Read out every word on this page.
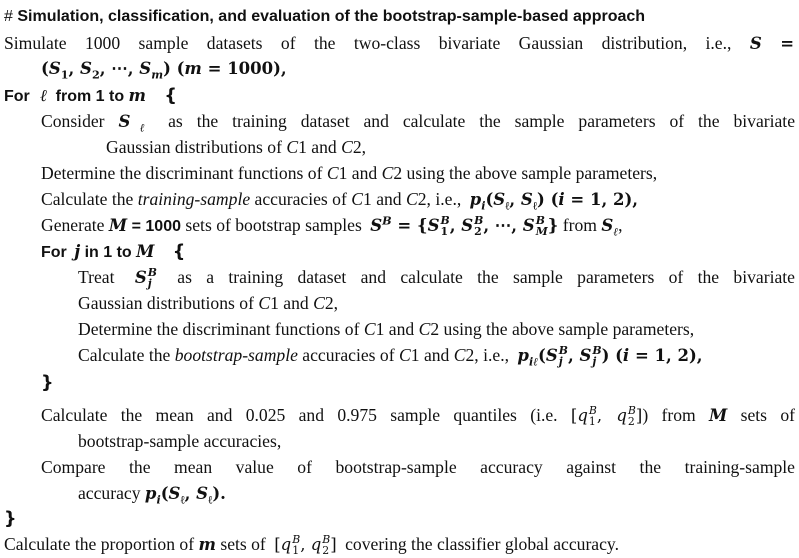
# Simulation, classification, and evaluation of the bootstrap-sample-based approach
Simulate 1000 sample datasets of the two-class bivariate Gaussian distribution, i.e., S =
($S_1$, $S_2$, ⋯, $S_m$) (m = 1000),
For ℓ from 1 to m {
Consider $S_\ell$ as the training dataset and calculate the sample parameters of the bivariate
Gaussian distributions of C1 and C2,
Determine the discriminant functions of C1 and C2 using the above sample parameters,
Calculate the training-sample accuracies of C1 and C2, i.e., $p_i(S_\ell$, $S_\ell$) (i = 1, 2),
Generate M = 1000 sets of bootstrap samples $S^B = \{S$ B
1 , S B
2 , ⋯, S B
M } from $S_\ell$,
For j in 1 to M {
Treat S B
j as a training dataset and calculate the sample parameters of the bivariate
Gaussian distributions of C1 and C2,
Determine the discriminant functions of C1 and C2 using the above sample parameters,
Calculate the bootstrap-sample accuracies of C1 and C2, i.e., $p_{i\ell}(S$ B
j , S B
j ) (i = 1, 2),
}
Calculate the mean and 0.025 and 0.975 sample quantiles (i.e. [q B
1 , q B
2 ]) from M sets of
bootstrap-sample accuracies,
Compare the mean value of bootstrap-sample accuracy against the training-sample
accuracy $p_i(S_\ell$, $S_\ell$).
}
Calculate the proportion of m sets of [q B
1 , q B
2 ] covering the classifier global accuracy.
